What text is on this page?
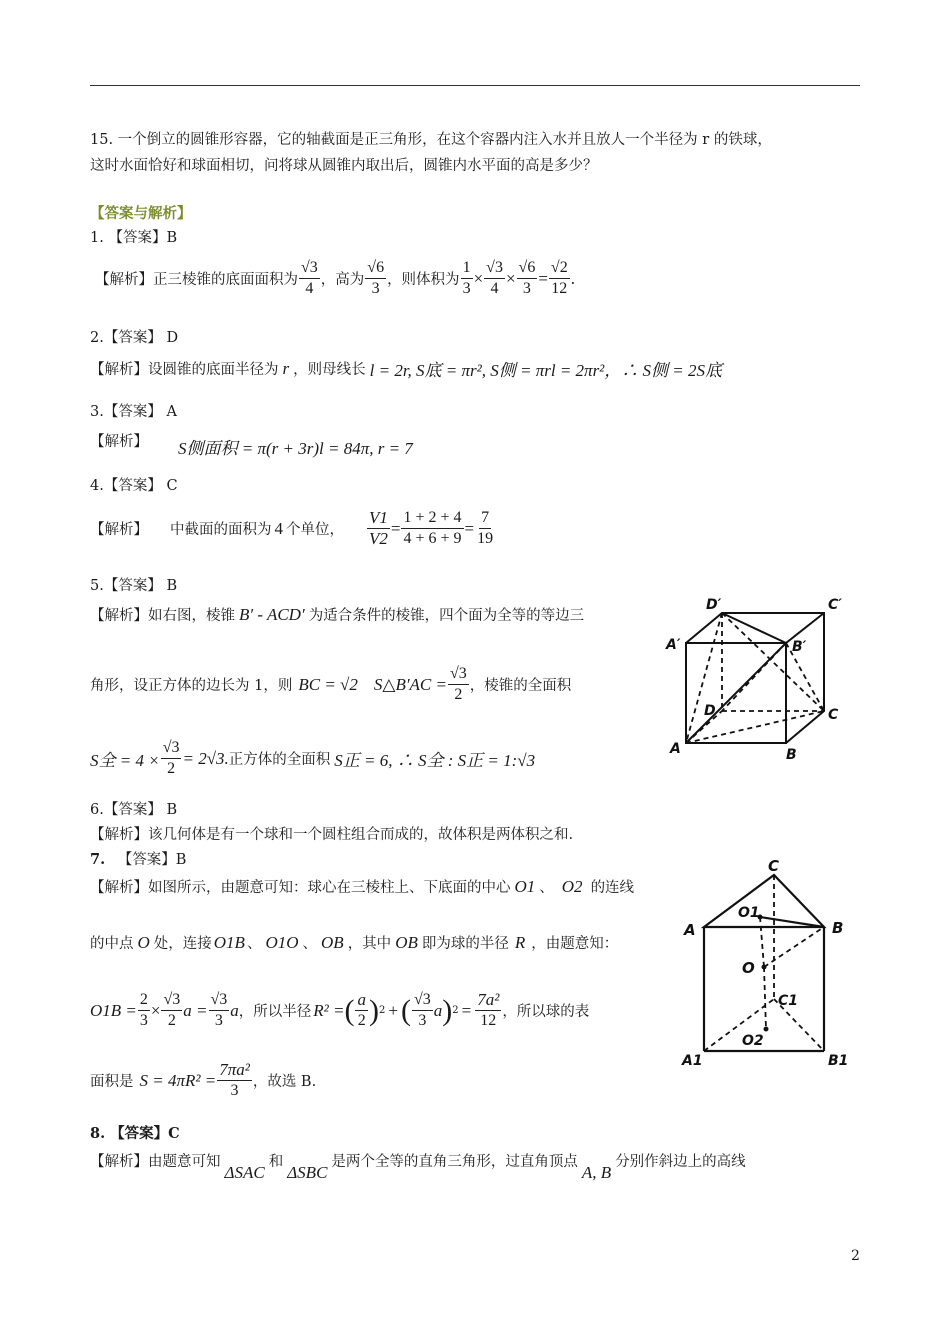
15. 一个倒立的圆锥形容器，它的轴截面是正三角形，在这个容器内注入水并且放人一个半径为 r 的铁球，
这时水面恰好和球面相切，问将球从圆锥内取出后，圆锥内水平面的高是多少？
【答案与解析】
1. 【答案】B
【解析】正三棱锥的底面面积为 $\frac{√3}{4}$ ，高为 $\frac{√6}{3}$ ，则体积为 $\frac{1}{3} \times \frac{√3}{4} \times \frac{√6}{3} = \frac{√2}{12}$ .
2.【答案】 D
【解析】设圆锥的底面半径为 r ，则母线长 l = 2r, S底 = πr², S侧 = πrl = 2πr²，∴ S侧 = 2S底
3.【答案】 A
【解析】 S侧面积 = π(r + 3r)l = 84π, r = 7
4.【答案】 C
【解析】 中截面的面积为 4 个单位， $\frac{V1}{V2} = \frac{1 + 2 + 4}{4 + 6 + 9} = \frac{7}{19}$
5.【答案】 B
【解析】如右图，棱锥 B′ - ACD′ 为适合条件的棱锥，四个面为全等的等边三
角形，设正方体的边长为 1，则 BC = √2 S△B′AC = $\frac{√3}{2}$ ，棱锥的全面积
S全 = $4 \times \frac{√3}{2} = 2√3$. 正方体的全面积 S正 = 6, ∴ S全 : S正 = 1:√3
D′	C′
A′	B′
D	C
A	B
6.【答案】 B
【解析】该几何体是有一个球和一个圆柱组合而成的，故体积是两体积之和.
7. 【答案】B
【解析】如图所示，由题意可知：球心在三棱柱上、下底面的中心 O1 、 O2 的连线
的中点 O 处，连接 O1B 、 O1O 、 OB ，其中 OB 即为球的半径 R ，由题意知：
$O1B = \frac{2}{3} \times \frac{√3}{2}$ $a = \frac{√3}{3}$ a ，所以半径 R² = ( $\frac{a}{2}$ ) 2 + ( $\frac{√3}{3}$ a ) $2 = \frac{\text{7a²}}{12}$ ，所以球的表
面积是 $S = 4\pi R^2 = \frac{\text{7πa²}}{3}$ ，故选 B.
C
O1
A	B
O
C1
O2
A1	B1
8. 【答案】C
【解析】由题意可知
ΔSAC
和
ΔSBC
是两个全等的直角三角形，过直角顶点
A, B
分别作斜边上的高线
2
